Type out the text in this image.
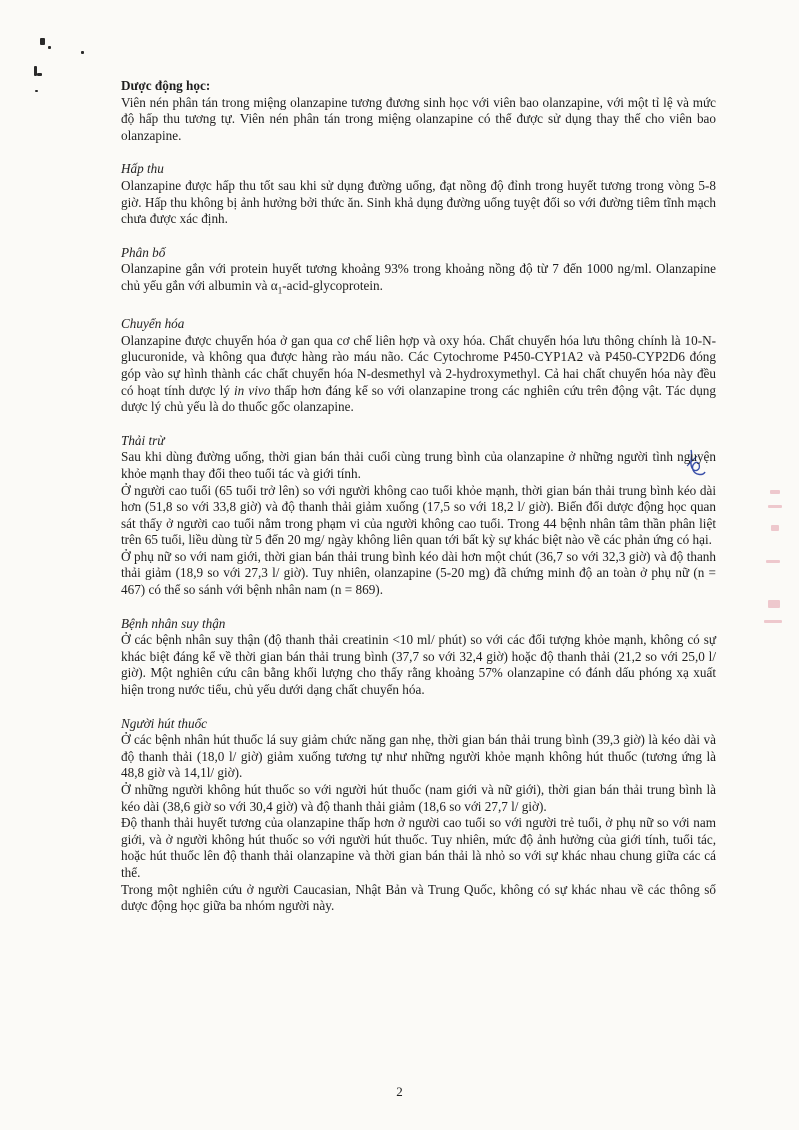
Dược động học:

Viên nén phân tán trong miệng olanzapine tương đương sinh học với viên bao olanzapine, với một tỉ lệ và mức độ hấp thu tương tự. Viên nén phân tán trong miệng olanzapine có thể được sử dụng thay thế cho viên bao olanzapine.

Hấp thu

Olanzapine được hấp thu tốt sau khi sử dụng đường uống, đạt nồng độ đỉnh trong huyết tương trong vòng 5-8 giờ. Hấp thu không bị ảnh hưởng bởi thức ăn. Sinh khả dụng đường uống tuyệt đối so với đường tiêm tĩnh mạch chưa được xác định.

Phân bố

Olanzapine gắn với protein huyết tương khoảng 93% trong khoảng nồng độ từ 7 đến 1000 ng/ml. Olanzapine chủ yếu gắn với albumin và $\alpha_1-acid$-glycoprotein.

Chuyển hóa

Olanzapine được chuyển hóa ở gan qua cơ chế liên hợp và oxy hóa. Chất chuyển hóa lưu thông chính là 10-N-glucuronide, và không qua được hàng rào máu não. Các Cytochrome P450-CYP1A2 và P450-CYP2D6 đóng góp vào sự hình thành các chất chuyển hóa N-desmethyl và 2-hydroxymethyl. Cả hai chất chuyển hóa này đều có hoạt tính dược lý in vivo thấp hơn đáng kể so với olanzapine trong các nghiên cứu trên động vật. Tác dụng dược lý chủ yếu là do thuốc gốc olanzapine.

Thải trừ

Sau khi dùng đường uống, thời gian bán thải cuối cùng trung bình của olanzapine ở những người tình nguyện khỏe mạnh thay đổi theo tuổi tác và giới tính.

Ở người cao tuổi (65 tuổi trở lên) so với người không cao tuổi khỏe mạnh, thời gian bán thải trung bình kéo dài hơn (51,8 so với 33,8 giờ) và độ thanh thải giảm xuống (17,5 so với 18,2 l/ giờ). Biến đổi dược động học quan sát thấy ở người cao tuổi nằm trong phạm vi của người không cao tuổi. Trong 44 bệnh nhân tâm thần phân liệt trên 65 tuổi, liều dùng từ 5 đến 20 mg/ ngày không liên quan tới bất kỳ sự khác biệt nào về các phản ứng có hại.

Ở phụ nữ so với nam giới, thời gian bán thải trung bình kéo dài hơn một chút (36,7 so với 32,3 giờ) và độ thanh thải giảm (18,9 so với 27,3 l/ giờ). Tuy nhiên, olanzapine (5-20 mg) đã chứng minh độ an toàn ở phụ nữ (n = 467) có thể so sánh với bệnh nhân nam (n = 869).

Bệnh nhân suy thận

Ở các bệnh nhân suy thận (độ thanh thải creatinin <10 ml/ phút) so với các đối tượng khỏe mạnh, không có sự khác biệt đáng kể về thời gian bán thải trung bình (37,7 so với 32,4 giờ) hoặc độ thanh thải (21,2 so với 25,0 l/ giờ). Một nghiên cứu cân bằng khối lượng cho thấy rằng khoảng 57% olanzapine có đánh dấu phóng xạ xuất hiện trong nước tiểu, chủ yếu dưới dạng chất chuyển hóa.

Người hút thuốc

Ở các bệnh nhân hút thuốc lá suy giảm chức năng gan nhẹ, thời gian bán thải trung bình (39,3 giờ) là kéo dài và độ thanh thải (18,0 l/ giờ) giảm xuống tương tự như những người khỏe mạnh không hút thuốc (tương ứng là 48,8 giờ và 14,1l/ giờ).

Ở những người không hút thuốc so với người hút thuốc (nam giới và nữ giới), thời gian bán thải trung bình là kéo dài (38,6 giờ so với 30,4 giờ) và độ thanh thải giảm (18,6 so với 27,7 l/ giờ).

Độ thanh thải huyết tương của olanzapine thấp hơn ở người cao tuổi so với người trẻ tuổi, ở phụ nữ so với nam giới, và ở người không hút thuốc so với người hút thuốc. Tuy nhiên, mức độ ảnh hưởng của giới tính, tuổi tác, hoặc hút thuốc lên độ thanh thải olanzapine và thời gian bán thải là nhỏ so với sự khác nhau chung giữa các cá thể.

Trong một nghiên cứu ở người Caucasian, Nhật Bản và Trung Quốc, không có sự khác nhau về các thông số dược động học giữa ba nhóm người này.

2
